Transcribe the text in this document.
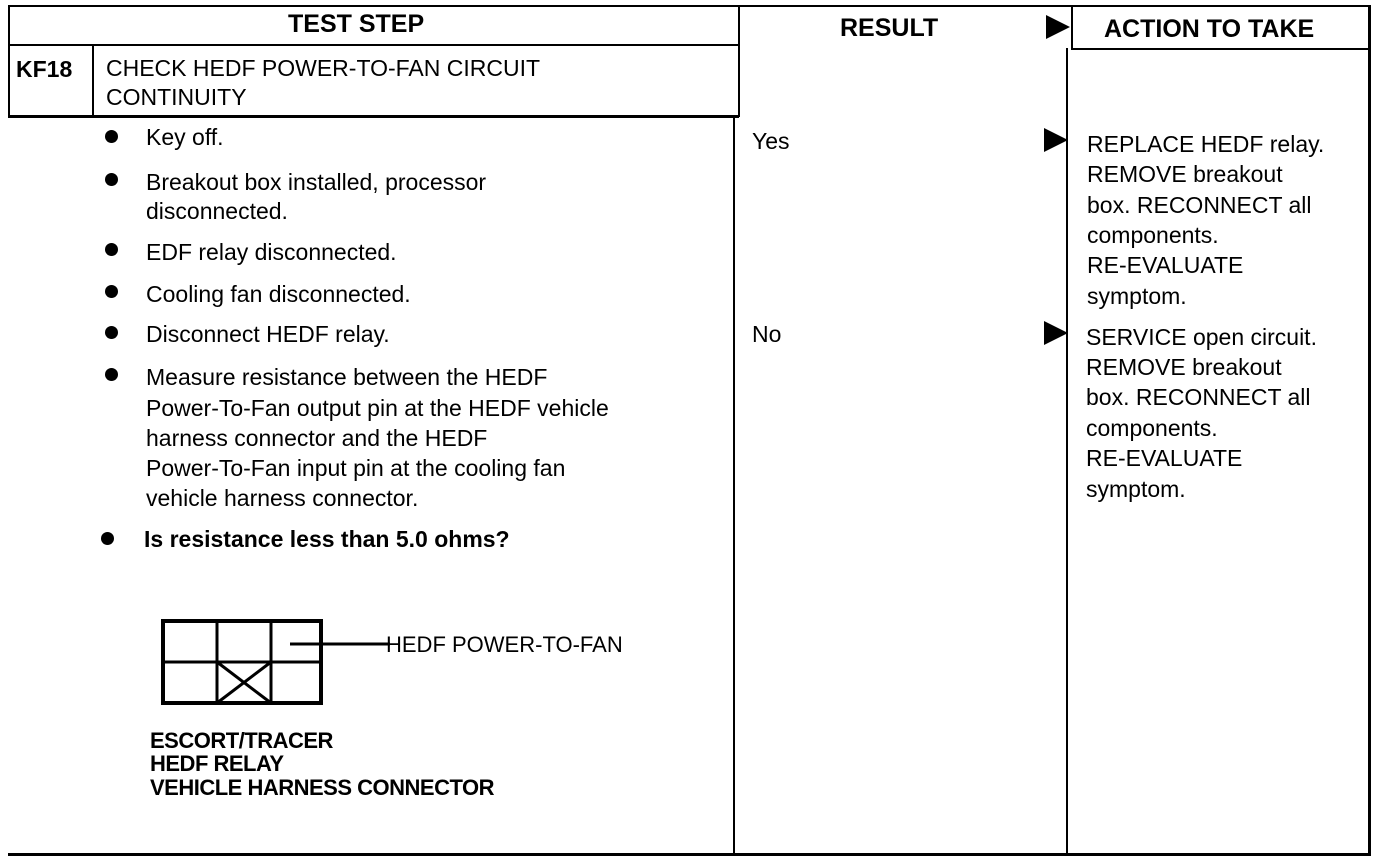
TEST STEP	RESULT	ACTION TO TAKE
KF18 CHECK HEDF POWER-TO-FAN CIRCUIT
CONTINUITY
Key off.
Breakout box installed, processor
disconnected.
EDF relay disconnected.
Cooling fan disconnected.
Disconnect HEDF relay.
Measure resistance between the HEDF
Power-To-Fan output pin at the HEDF vehicle
harness connector and the HEDF
Power-To-Fan input pin at the cooling fan
vehicle harness connector.
Is resistance less than 5.0 ohms?
HEDF POWER-TO-FAN
ESCORT/TRACER
HEDF RELAY
VEHICLE HARNESS CONNECTOR
Yes
No
REPLACE HEDF relay.
REMOVE breakout
box. RECONNECT all
components.
RE-EVALUATE
symptom.
SERVICE open circuit.
REMOVE breakout
box. RECONNECT all
components.
RE-EVALUATE
symptom.
